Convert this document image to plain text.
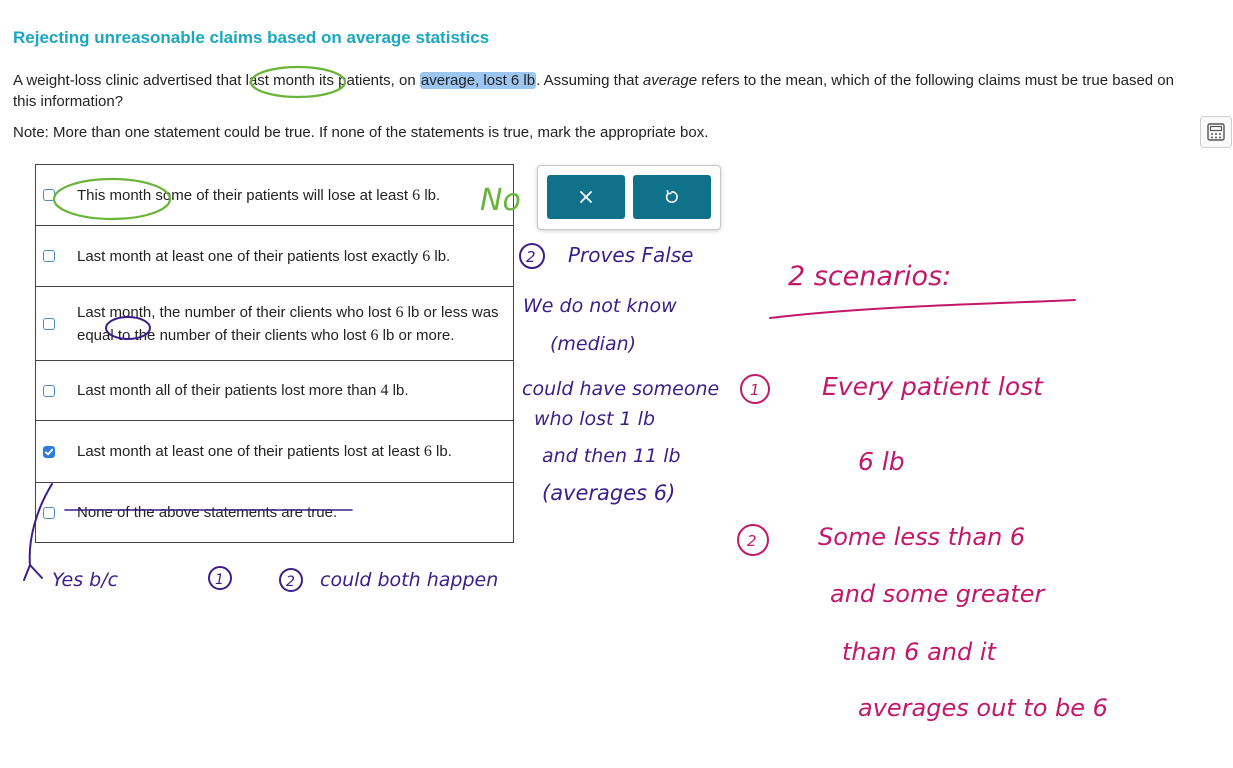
Rejecting unreasonable claims based on average statistics
A weight-loss clinic advertised that last month its patients, on average, lost 6 lb. Assuming that average refers to the mean, which of the following claims must be true based on this information?
Note: More than one statement could be true. If none of the statements is true, mark the appropriate box.
This month some of their patients will lose at least 6 lb.
Last month at least one of their patients lost exactly 6 lb.
Last month, the number of their clients who lost 6 lb or less was equal to the number of their clients who lost 6 lb or more.
Last month all of their patients lost more than 4 lb.
Last month at least one of their patients lost at least 6 lb.
None of the above statements are true.
No
2 Proves False
We do not know
(median)
could have someone
who lost 1 lb
and then 11 lb
(averages 6)
Yes b/c	1	2 could both happen
2 scenarios:
1 Every patient lost
6 lb
2	Some less than 6
and some greater
than 6 and it
averages out to be 6
